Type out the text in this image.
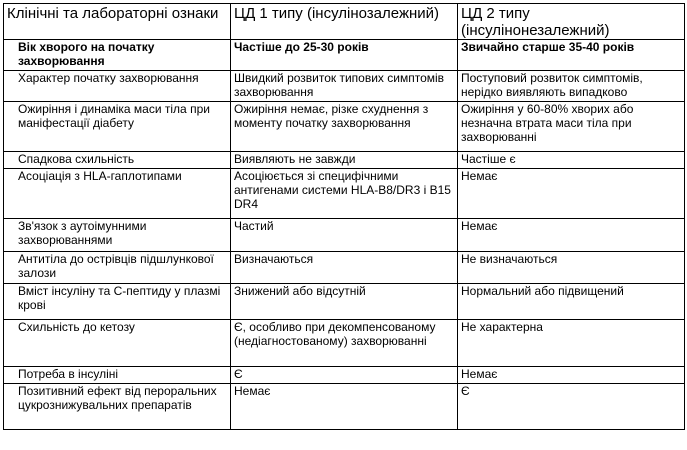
Клінічні та лабораторні ознаки	ЦД 1 типу (інсулінозалежний)	ЦД 2 типу (інсулінонезалежний)
Вік хворого на початку захворювання	Частіше до 25-30 років	Звичайно старше 35-40 років
Характер початку захворювання	Швидкий розвиток типових симптомів захворювання	Поступовий розвиток симптомів, нерідко виявляють випадково
Ожиріння і динаміка маси тіла при маніфестації діабету	Ожиріння немає, різке схуднення з моменту початку захворювання	Ожиріння у 60-80% хворих або незначна втрата маси тіла при захворюванні
Спадкова схильність	Виявляють не завжди	Частіше є
Асоціація з HLA-гаплотипами	Асоціюється зі специфічними антигенами системи HLA-B8/DR3 і B15 DR4	Немає
Зв'язок з аутоімунними захворюваннями	Частий	Немає
Антитіла до острівців підшлункової залози	Визначаються	Не визначаються
Вміст інсуліну та С-пептиду у плазмі крові	Знижений або відсутній	Нормальний або підвищений
Схильність до кетозу	Є, особливо при декомпенсованому (недіагностованому) захворюванні	Не характерна
Потреба в інсуліні	Є	Немає
Позитивний ефект від пероральних цукрознижувальних препаратів	Немає	Є
